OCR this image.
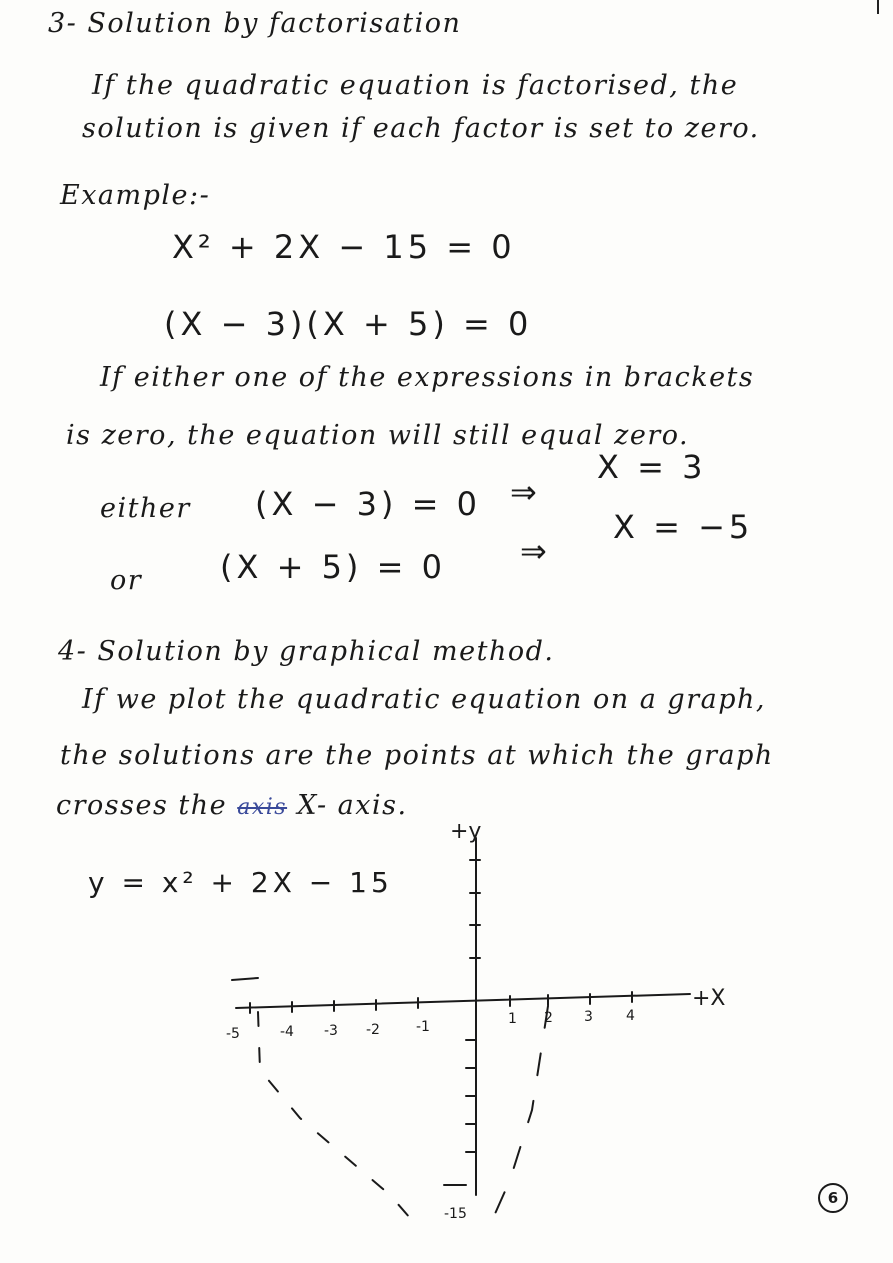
3- Solution by factorisation
If the quadratic equation is factorised, the
solution is given if each factor is set to zero.
Example:-
X² + 2X − 15 = 0
(X − 3)(X + 5) = 0
If either one of the expressions in brackets
is zero, the equation will still equal zero.
either (X − 3) = 0 ⇒
X = 3
or (X + 5) = 0 ⇒
X = −5
4- Solution by graphical method.
If we plot the quadratic equation on a graph,
the solutions are the points at which the graph
crosses the axis X- axis.
y = x² + 2X − 15
+y
+X
-5	-4 -3 -2	-1	1 2 3 4
-15
6
